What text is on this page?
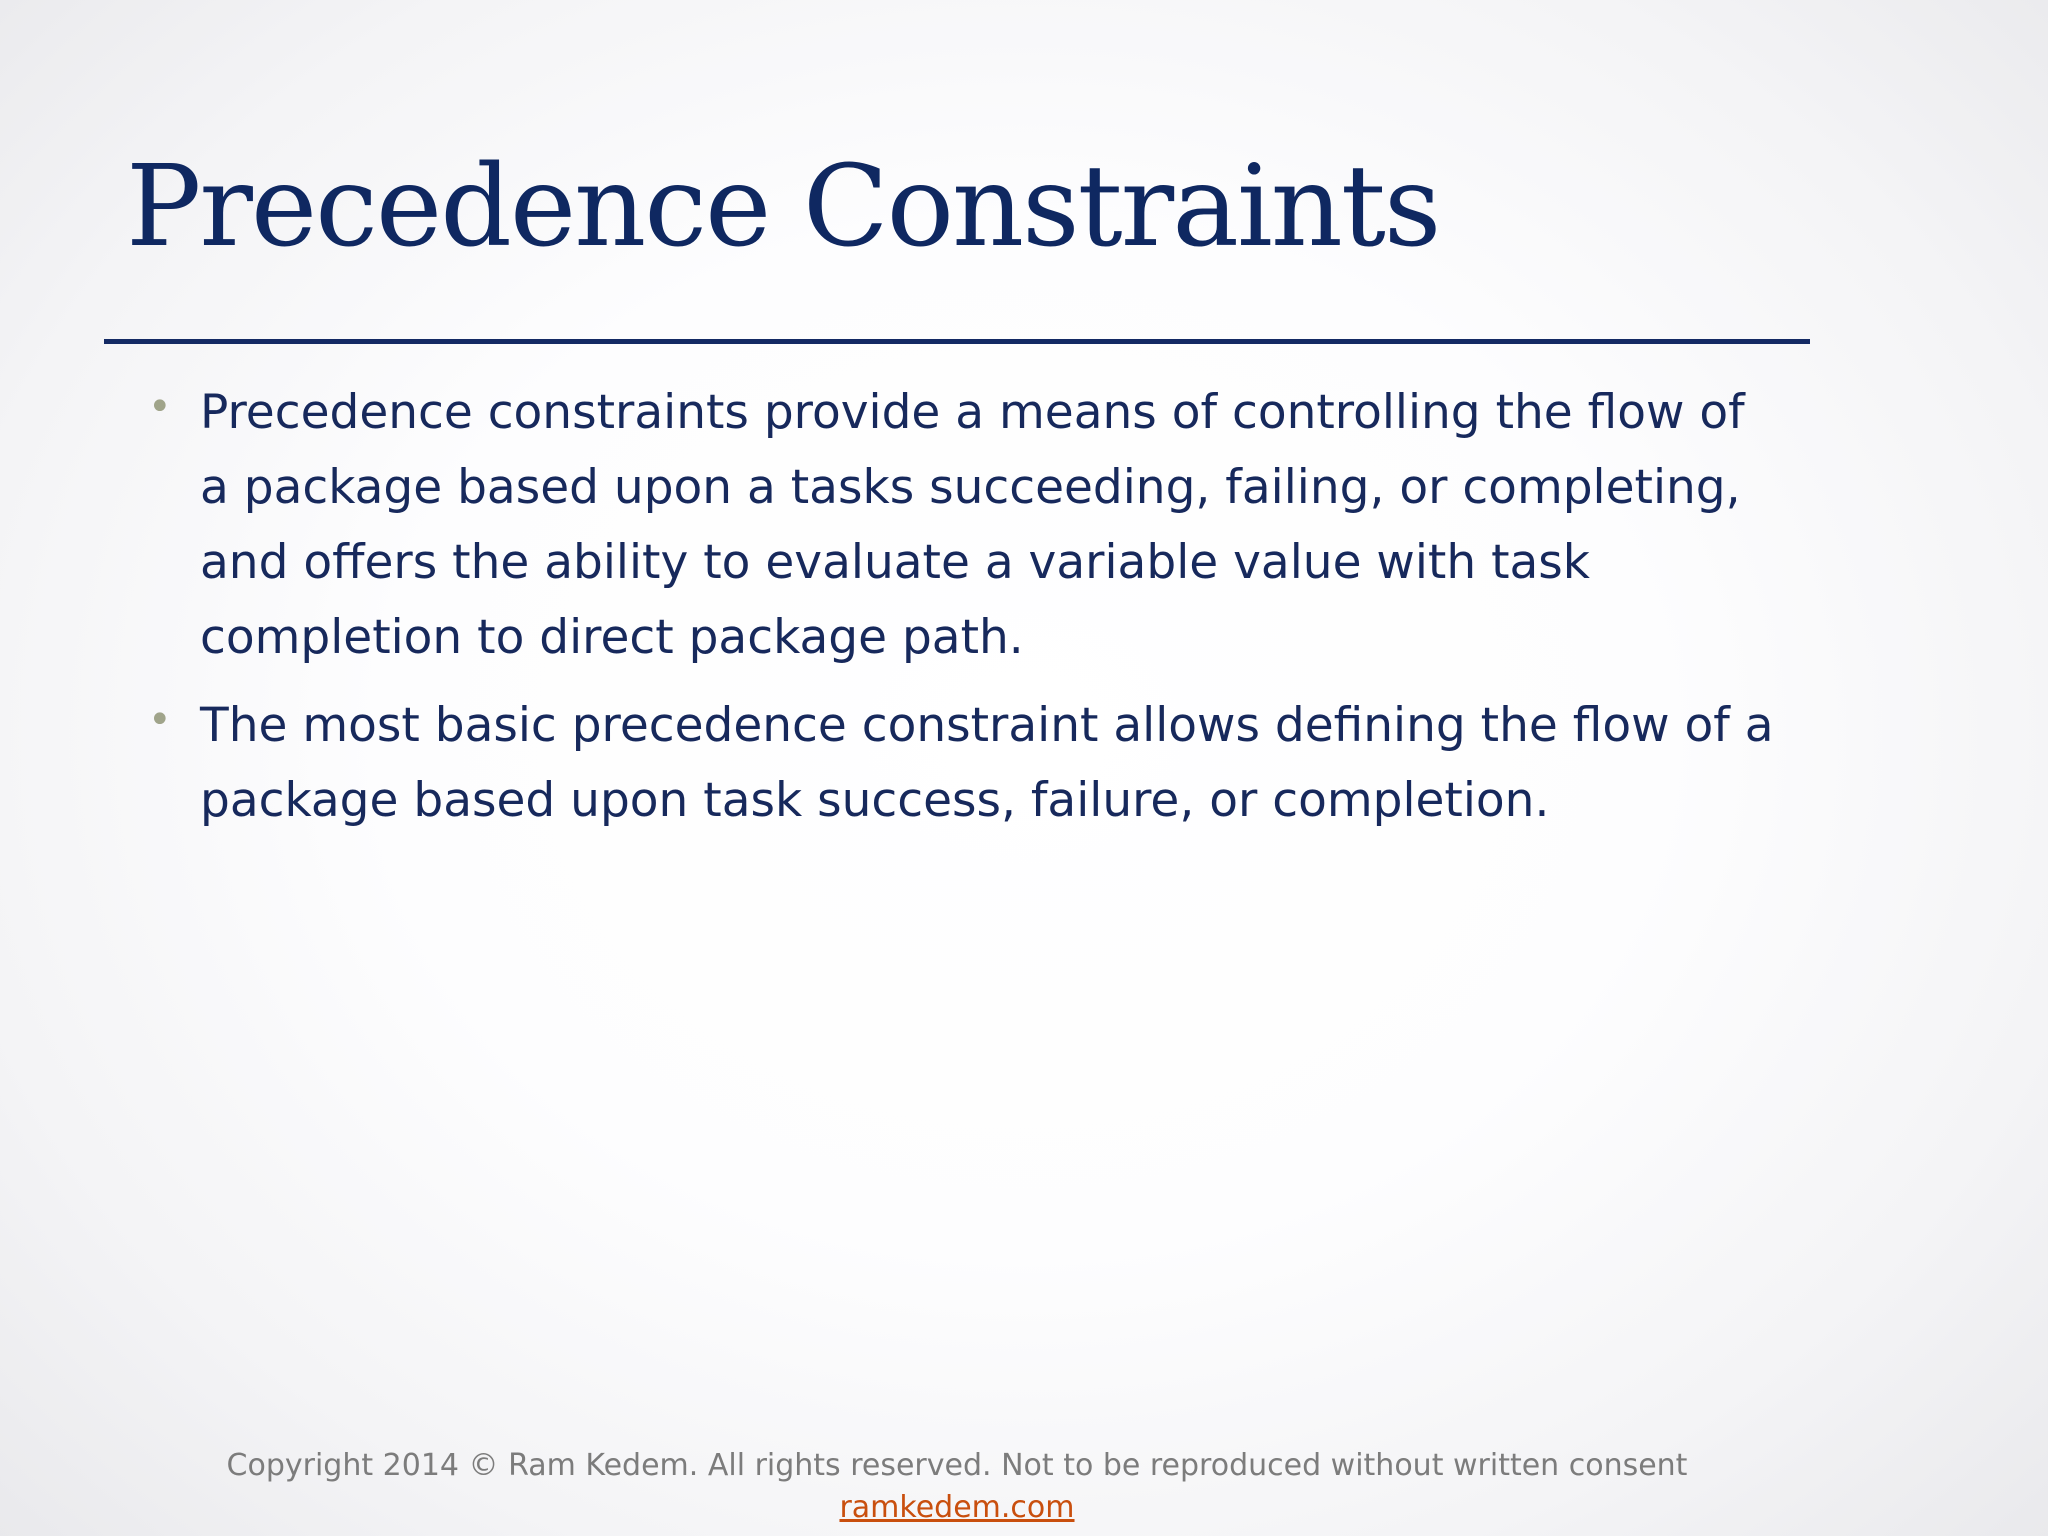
Precedence Constraints
• Precedence constraints provide a means of controlling the flow of a package based upon a tasks succeeding, failing, or completing, and offers the ability to evaluate a variable value with task completion to direct package path.
• The most basic precedence constraint allows defining the flow of a package based upon task success, failure, or completion.
Copyright 2014 © Ram Kedem. All rights reserved. Not to be reproduced without written consent
ramkedem.com
